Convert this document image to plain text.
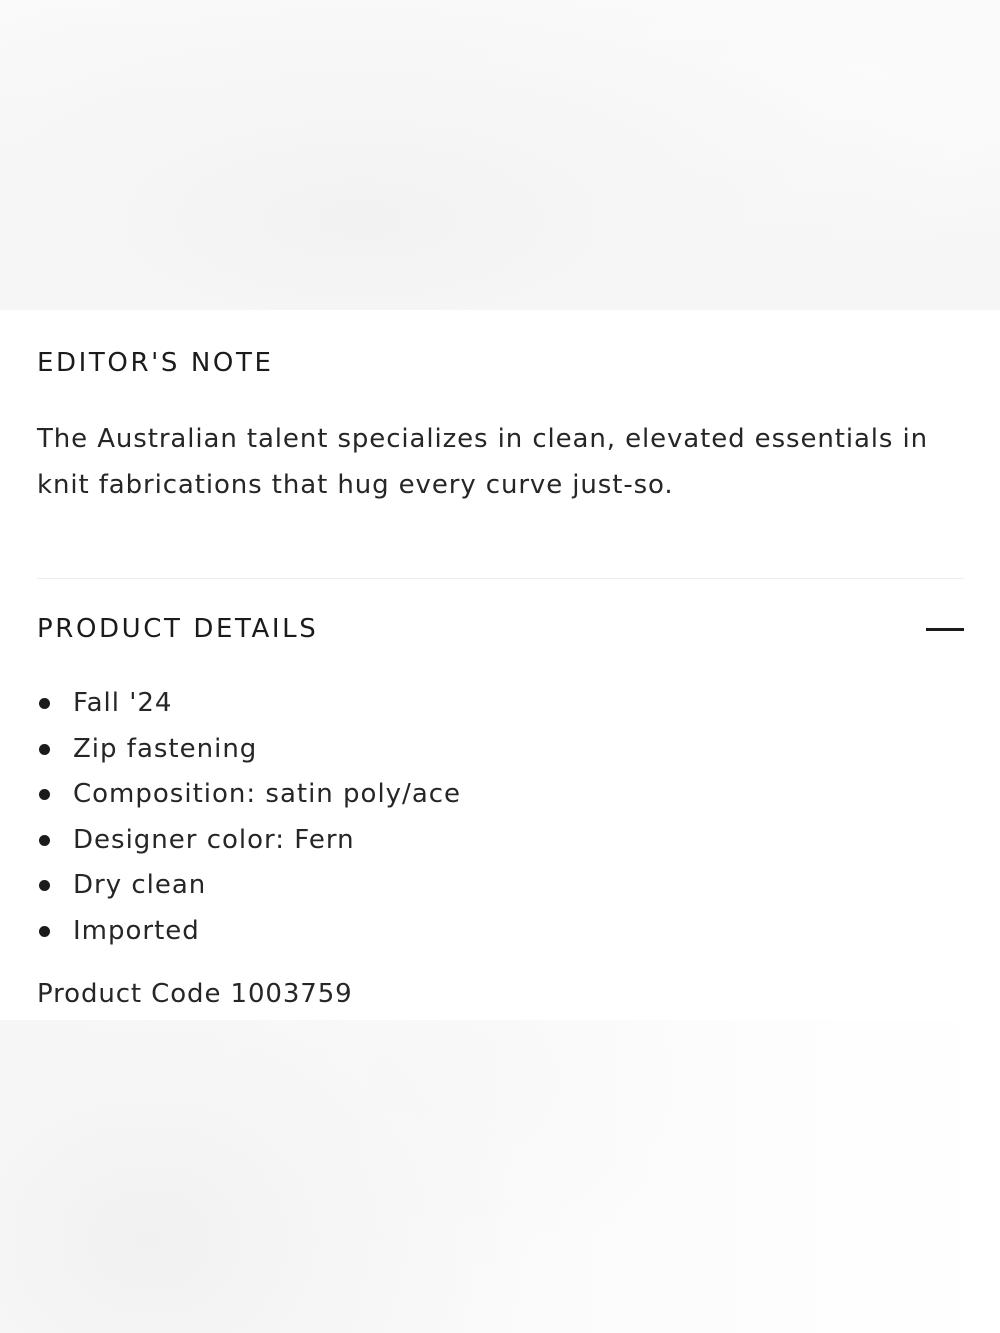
EDITOR'S NOTE

The Australian talent specializes in clean, elevated essentials in knit fabrications that hug every curve just-so.

PRODUCT DETAILS
Fall '24
Zip fastening
Composition: satin poly/ace
Designer color: Fern
Dry clean
Imported

Product Code 1003759
